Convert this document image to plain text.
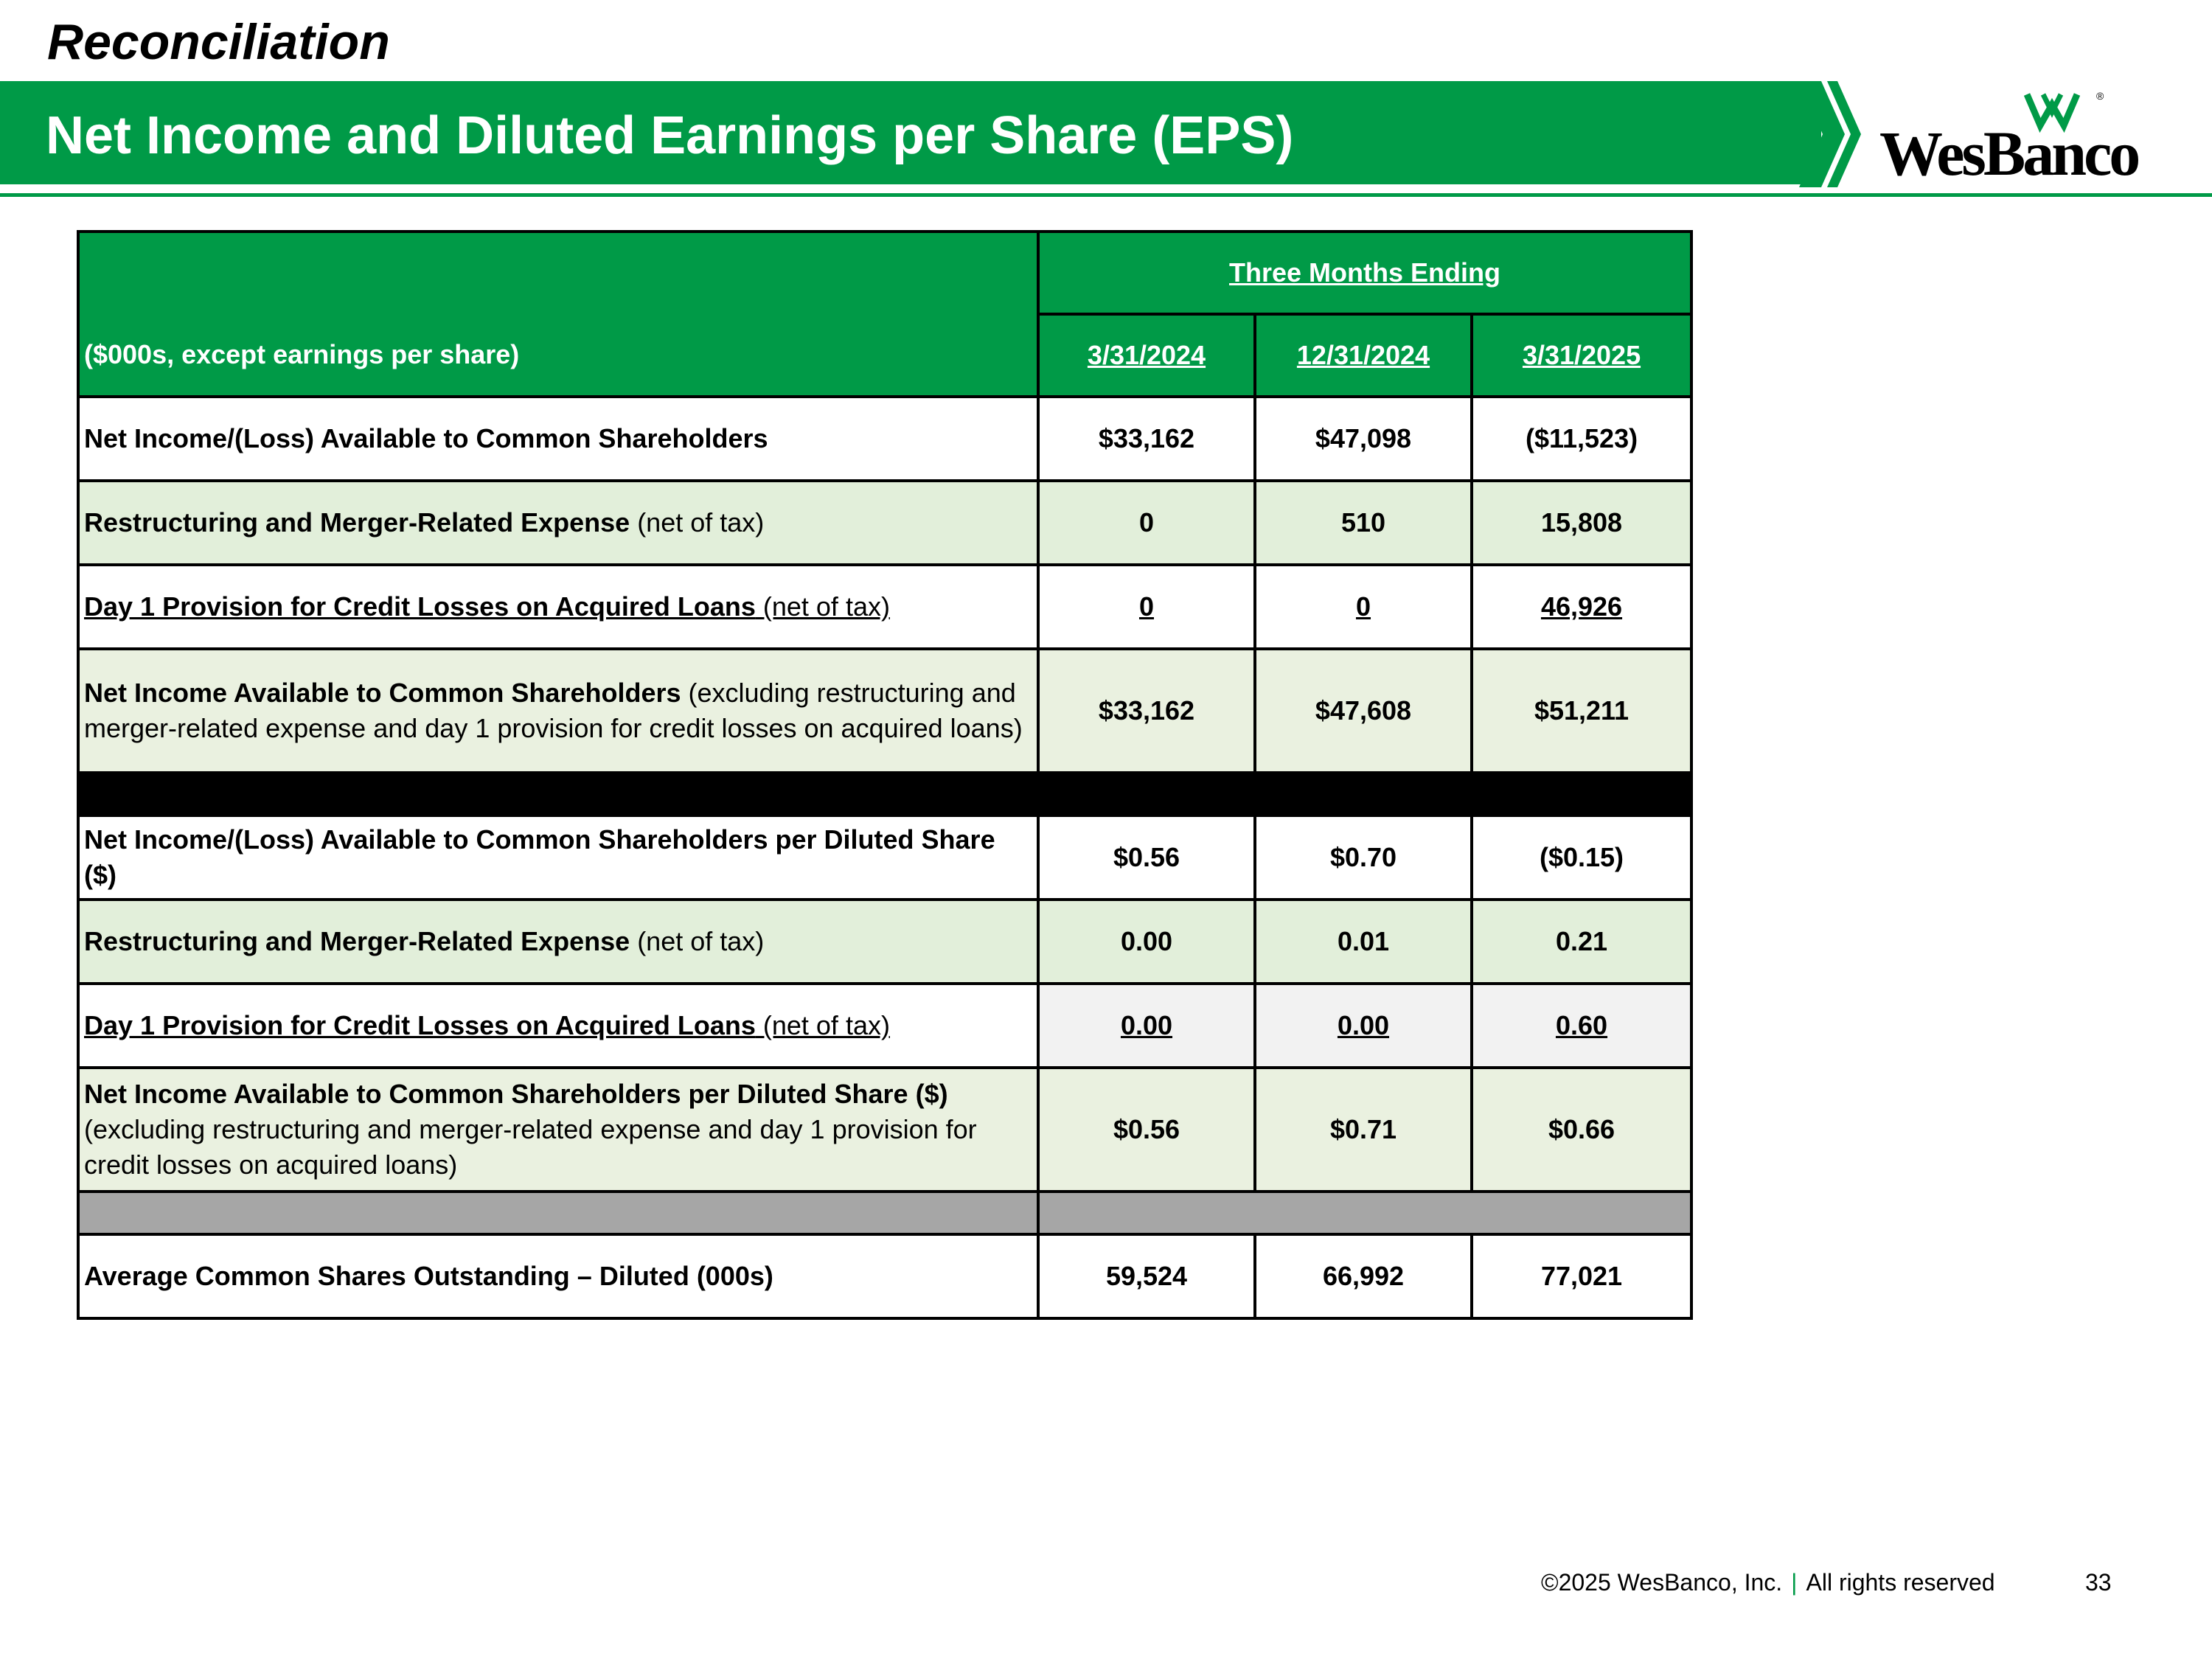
Reconciliation
Net Income and Diluted Earnings per Share (EPS)
®
WesBanco
	Three Months Ending		
($000s, except earnings per share)	3/31/2024	12/31/2024	3/31/2025
Net Income/(Loss) Available to Common Shareholders	$33,162	$47,098	($11,523)
Restructuring and Merger-Related Expense (net of tax)	0	510	15,808
Day 1 Provision for Credit Losses on Acquired Loans (net of tax)	0	0	46,926
Net Income Available to Common Shareholders (excluding restructuring and merger-related expense and day 1 provision for credit losses on acquired loans)	$33,162	$47,608	$51,211

Net Income/(Loss) Available to Common Shareholders per Diluted Share ($)	$0.56	$0.70	($0.15)
Restructuring and Merger-Related Expense (net of tax)	0.00	0.01	0.21
Day 1 Provision for Credit Losses on Acquired Loans (net of tax)	0.00	0.00	0.60
Net Income Available to Common Shareholders per Diluted Share ($)
(excluding restructuring and merger-related expense and day 1 provision for credit losses on acquired loans)	$0.56	$0.71	$0.66

Average Common Shares Outstanding – Diluted (000s)	59,524	66,992	77,021
©2025 WesBanco, Inc. | All rights reserved	33
